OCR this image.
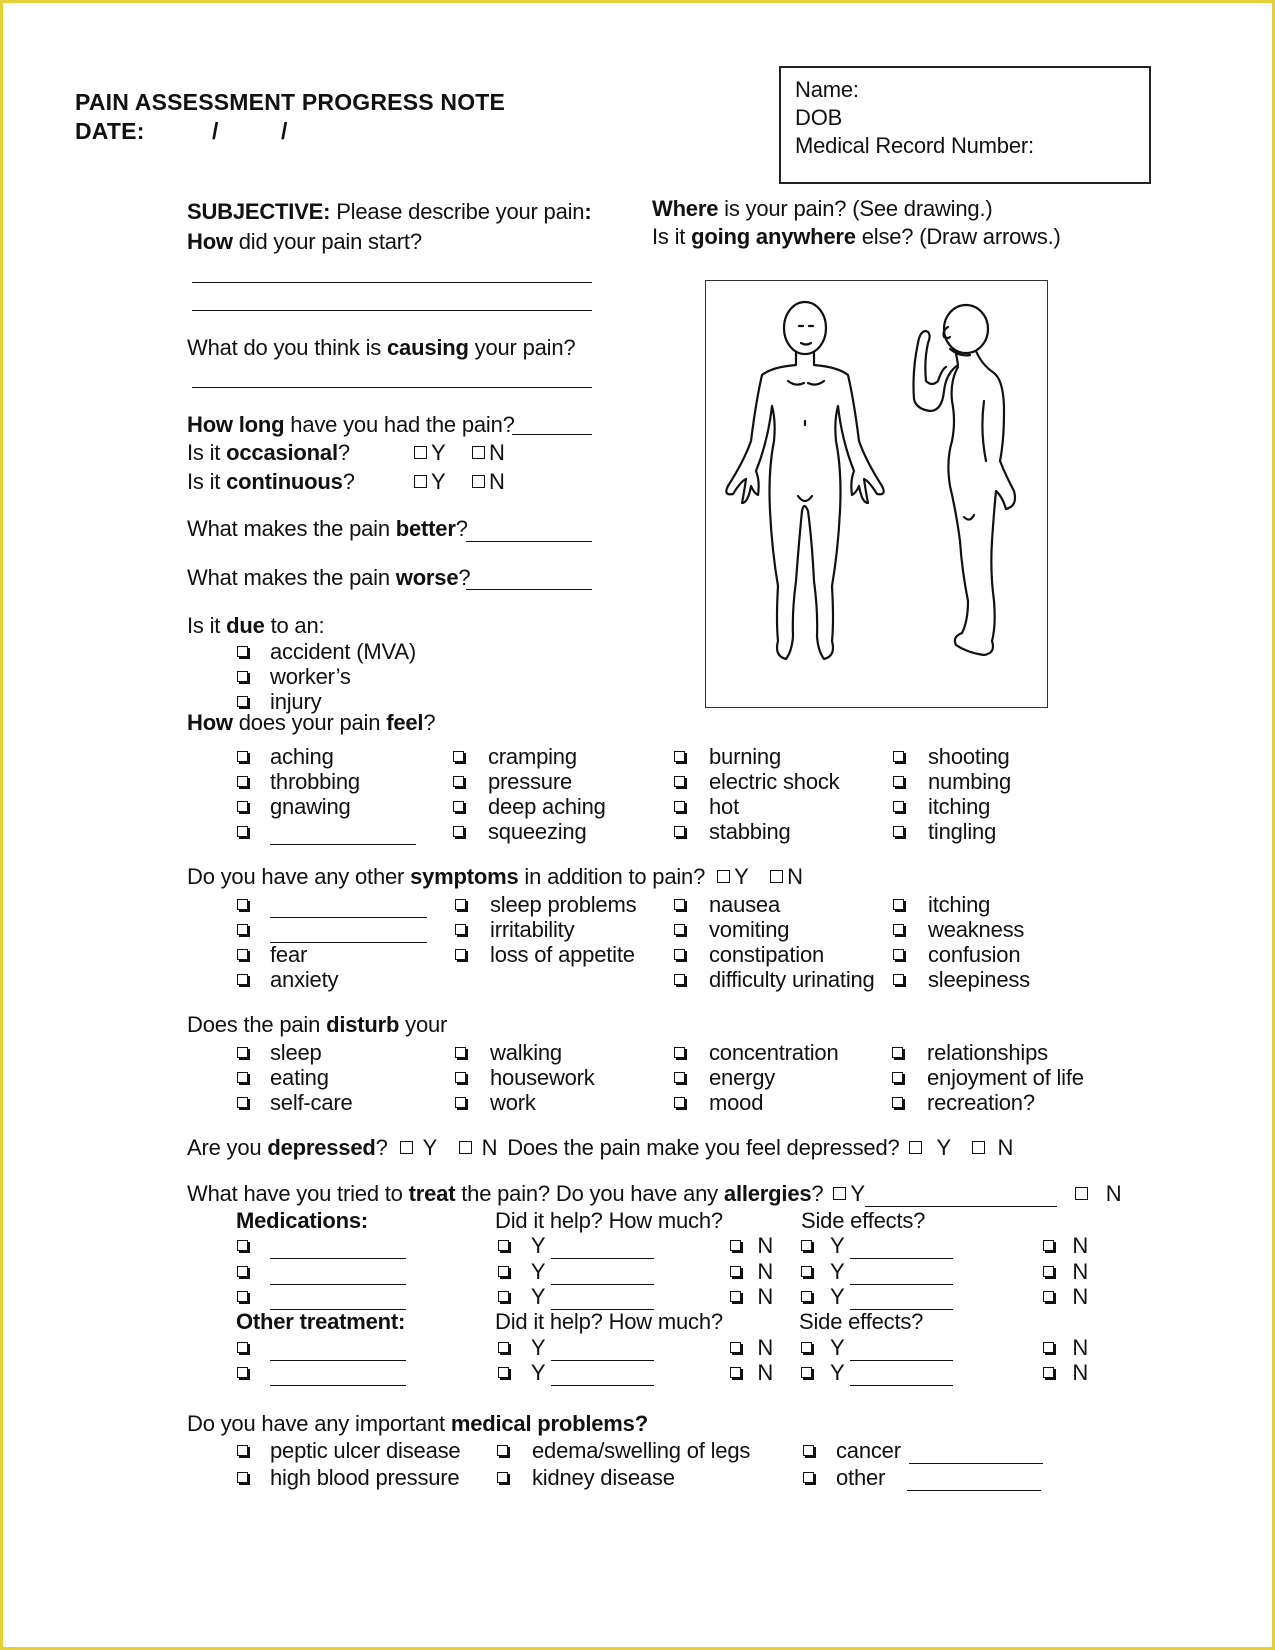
PAIN ASSESSMENT PROGRESS NOTE
DATE:	/	/
Name:
DOB
Medical Record Number:
SUBJECTIVE: Please describe your pain:
How did your pain start?
What do you think is causing your pain?
How long have you had the pain?
Is it occasional?	Y	N
Is it continuous?	Y	N
What makes the pain better?
What makes the pain worse?
Is it due to an:
accident (MVA)
worker’s
injury
Where is your pain? (See drawing.)
Is it going anywhere else? (Draw arrows.)
How does your pain feel?
aching
throbbing
gnawing
cramping
pressure
deep aching
squeezing
burning
electric shock
hot
stabbing
shooting
numbing
itching
tingling
Do you have any other symptoms in addition to pain? Y N
fear
anxiety
sleep problems
irritability
loss of appetite
nausea
vomiting
constipation
difficulty urinating
itching
weakness
confusion
sleepiness
Does the pain disturb your
sleep
eating
self-care
walking
housework
work
concentration
energy
mood
relationships
enjoyment of life
recreation?
Are you depressed? Y N Does the pain make you feel depressed? Y N
What have you tried to treat the pain? Do you have any allergies? Y	N
Medications:	Did it help? How much?	Side effects?
Y	N	Y	N
Y	N	Y	N
Y	N	Y	N
Other treatment:	Did it help? How much?	Side effects?
Y	N	Y	N
Y	N	Y	N
Do you have any important medical problems?
peptic ulcer disease
high blood pressure
edema/swelling of legs
kidney disease
cancer
other
